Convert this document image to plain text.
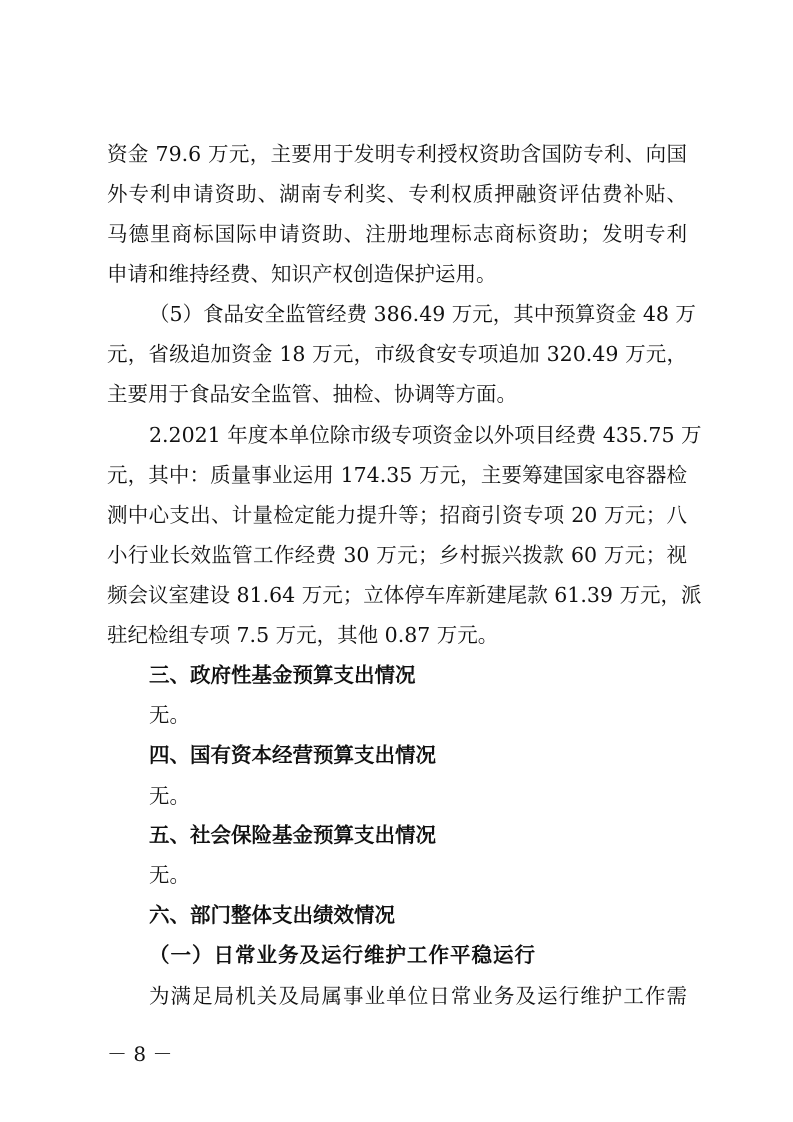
资金 79.6 万元，主要用于发明专利授权资助含国防专利、向国
外专利申请资助、湖南专利奖、专利权质押融资评估费补贴、
马德里商标国际申请资助、注册地理标志商标资助；发明专利
申请和维持经费、知识产权创造保护运用。
（5）食品安全监管经费 386.49 万元，其中预算资金 48 万
元，省级追加资金 18 万元，市级食安专项追加 320.49 万元，
主要用于食品安全监管、抽检、协调等方面。
2.2021 年度本单位除市级专项资金以外项目经费 435.75 万
元，其中：质量事业运用 174.35 万元，主要筹建国家电容器检
测中心支出、计量检定能力提升等；招商引资专项 20 万元；八
小行业长效监管工作经费 30 万元；乡村振兴拨款 60 万元；视
频会议室建设 81.64 万元；立体停车库新建尾款 61.39 万元，派
驻纪检组专项 7.5 万元，其他 0.87 万元。
三、政府性基金预算支出情况
无。
四、国有资本经营预算支出情况
无。
五、社会保险基金预算支出情况
无。
六、部门整体支出绩效情况
（一）日常业务及运行维护工作平稳运行
为满足局机关及局属事业单位日常业务及运行维护工作需
－ 8 －
